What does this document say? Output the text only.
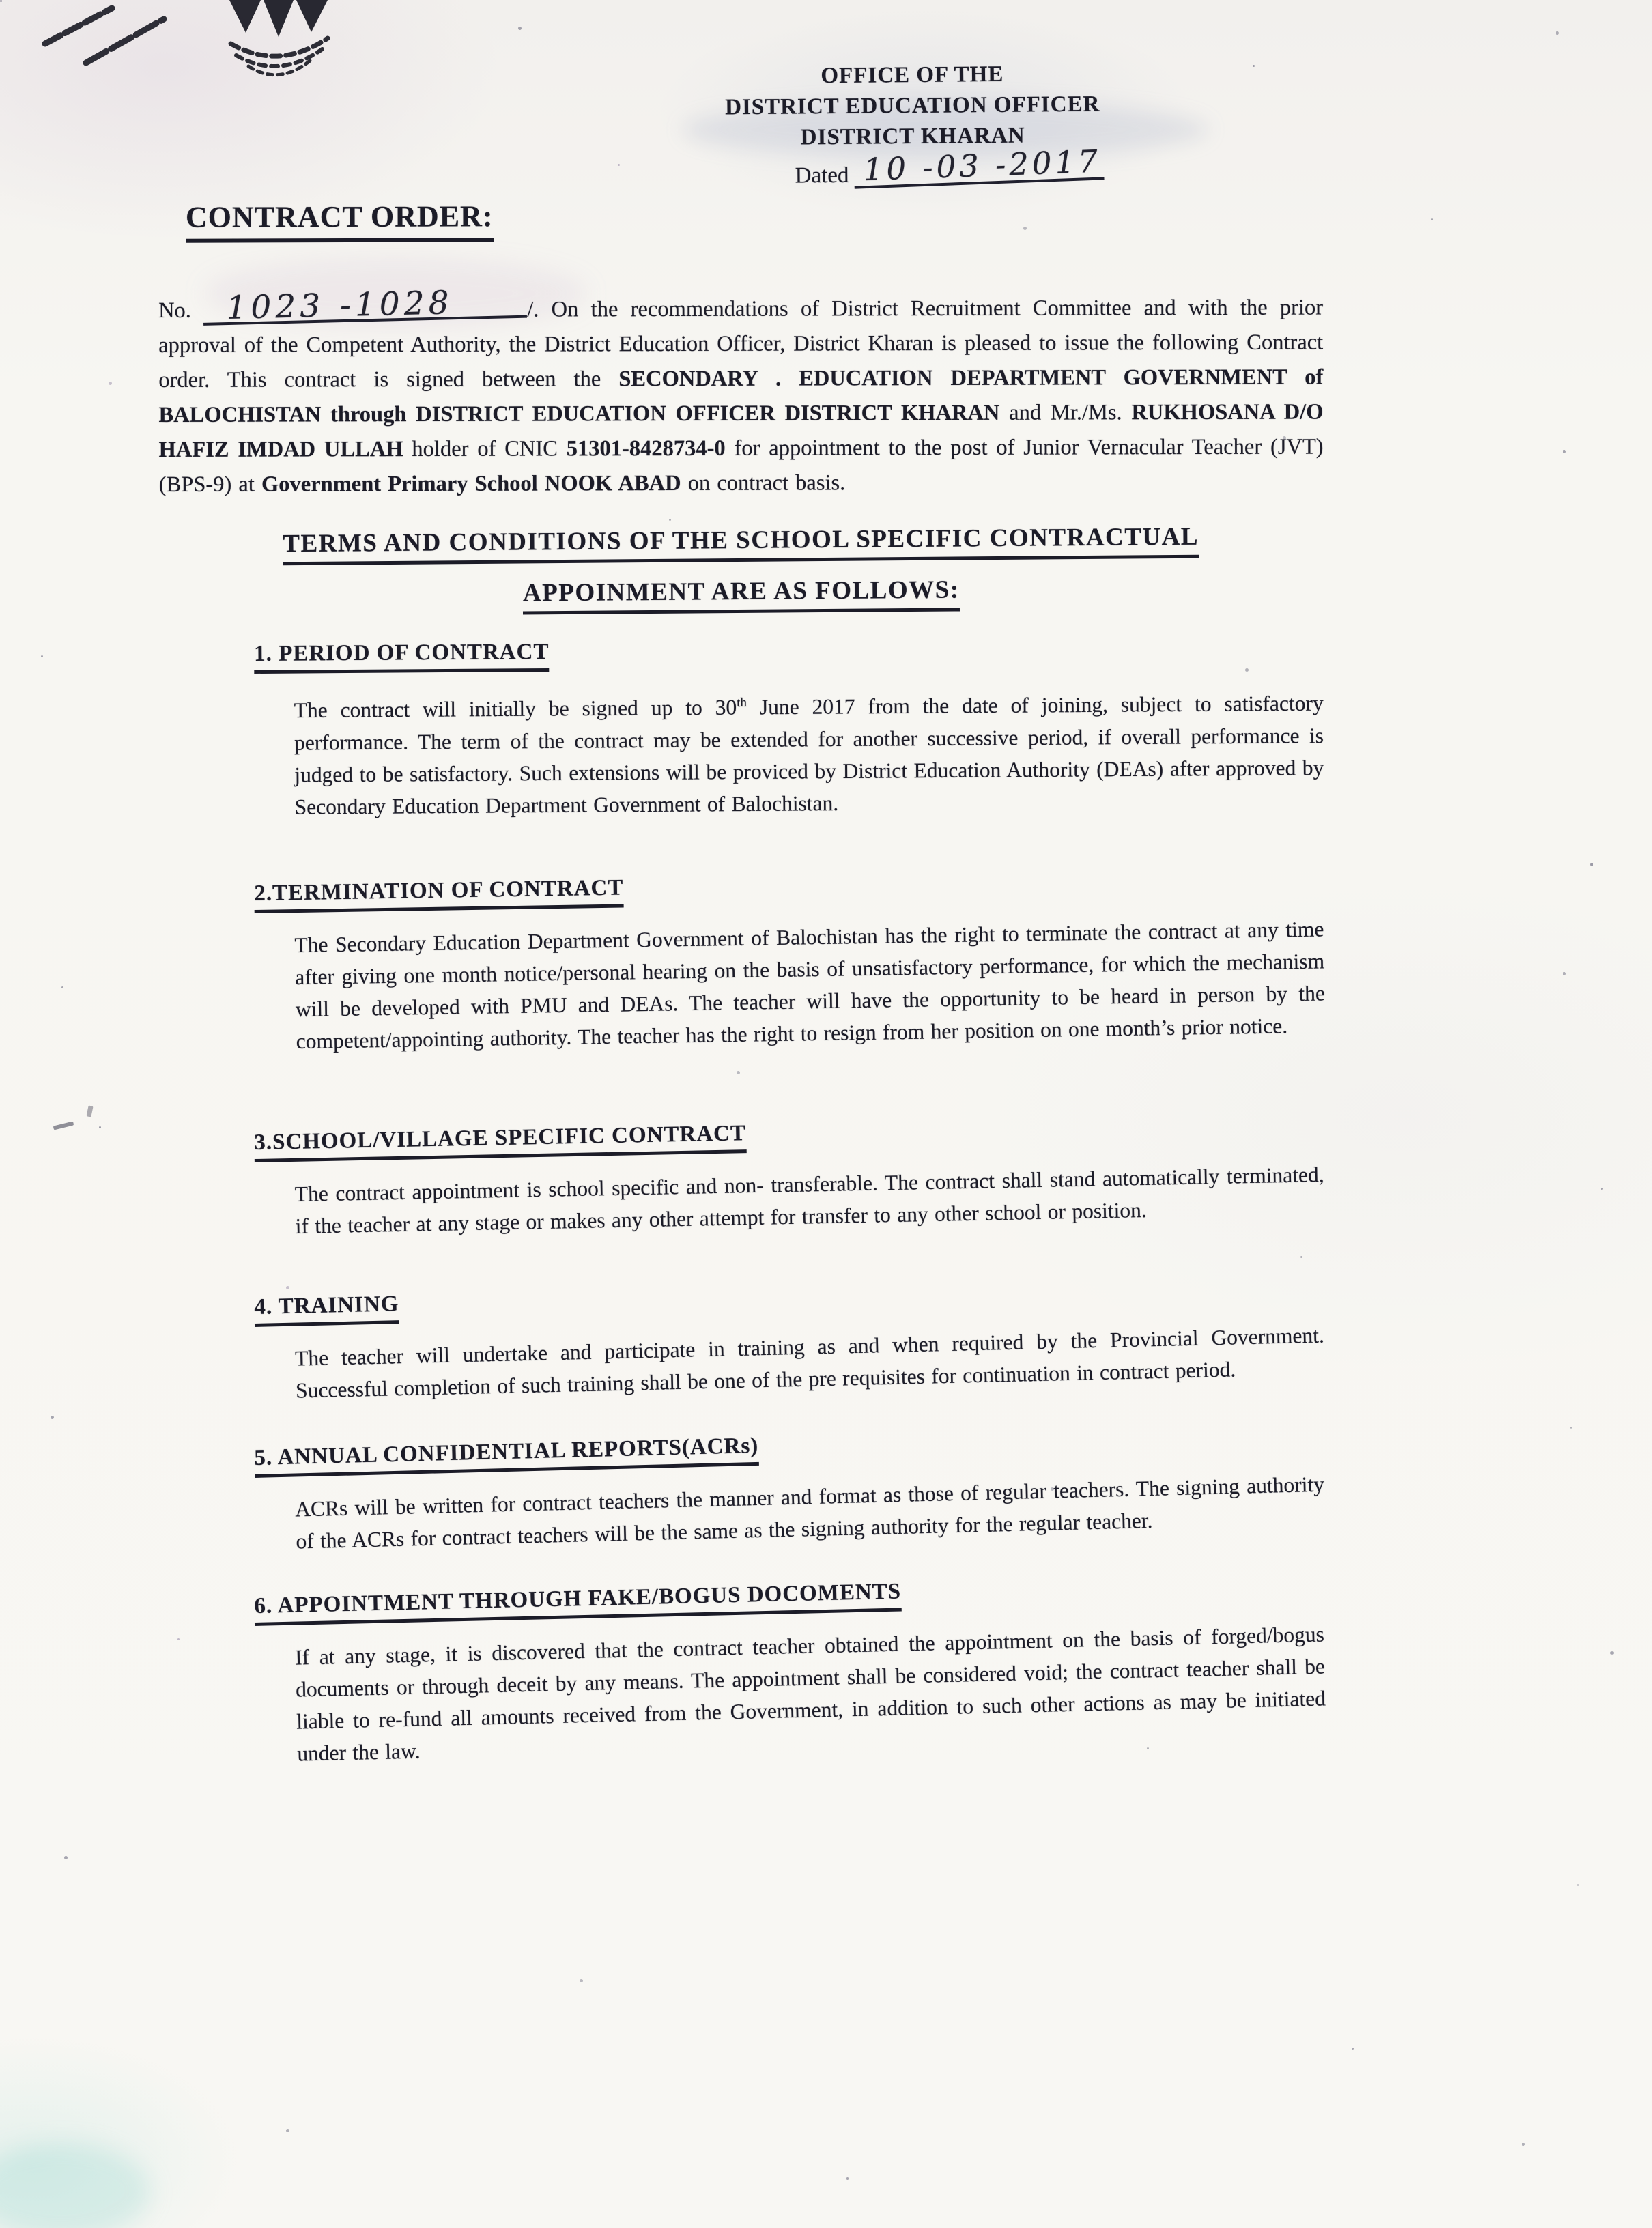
OFFICE OF THE
DISTRICT EDUCATION OFFICER
DISTRICT KHARAN
Dated 10 -03 -2017
CONTRACT ORDER:

No. 1023 -1028	/. On the recommendations of District Recruitment Committee and with the prior approval of the Competent Authority, the District Education Officer, District Kharan is pleased to issue the following Contract order. This contract is signed between the SECONDARY . EDUCATION DEPARTMENT GOVERNMENT of BALOCHISTAN through DISTRICT EDUCATION OFFICER DISTRICT KHARAN and Mr./Ms. RUKHOSANA D/O HAFIZ IMDAD ULLAH holder of CNIC 51301-8428734-0 for appointment to the post of Junior Vernacular Teacher (JVT) (BPS-9) at Government Primary School NOOK ABAD on contract basis.

TERMS AND CONDITIONS OF THE SCHOOL SPECIFIC CONTRACTUAL
APPOINMENT ARE AS FOLLOWS:
1. PERIOD OF CONTRACT

The contract will initially be signed up to 30th June 2017 from the date of joining, subject to satisfactory performance. The term of the contract may be extended for another successive period, if overall performance is judged to be satisfactory. Such extensions will be proviced by District Education Authority (DEAs) after approved by Secondary Education Department Government of Balochistan.

2.TERMINATION OF CONTRACT

The Secondary Education Department Government of Balochistan has the right to terminate the contract at any time after giving one month notice/personal hearing on the basis of unsatisfactory performance, for which the mechanism will be developed with PMU and DEAs. The teacher will have the opportunity to be heard in person by the competent/appointing authority. The teacher has the right to resign from her position on one month’s prior notice.

3.SCHOOL/VILLAGE SPECIFIC CONTRACT

The contract appointment is school specific and non- transferable. The contract shall stand automatically terminated, if the teacher at any stage or makes any other attempt for transfer to any other school or position.

4. TRAINING

The teacher will undertake and participate in training as and when required by the Provincial Government. Successful completion of such training shall be one of the pre requisites for continuation in contract period.

5. ANNUAL CONFIDENTIAL REPORTS(ACRs)

ACRs will be written for contract teachers the manner and format as those of regular teachers. The signing authority of the ACRs for contract teachers will be the same as the signing authority for the regular teacher.

6. APPOINTMENT THROUGH FAKE/BOGUS DOCOMENTS

If at any stage, it is discovered that the contract teacher obtained the appointment on the basis of forged/bogus documents or through deceit by any means. The appointment shall be considered void; the contract teacher shall be liable to re-fund all amounts received from the Government, in addition to such other actions as may be initiated under the law.
